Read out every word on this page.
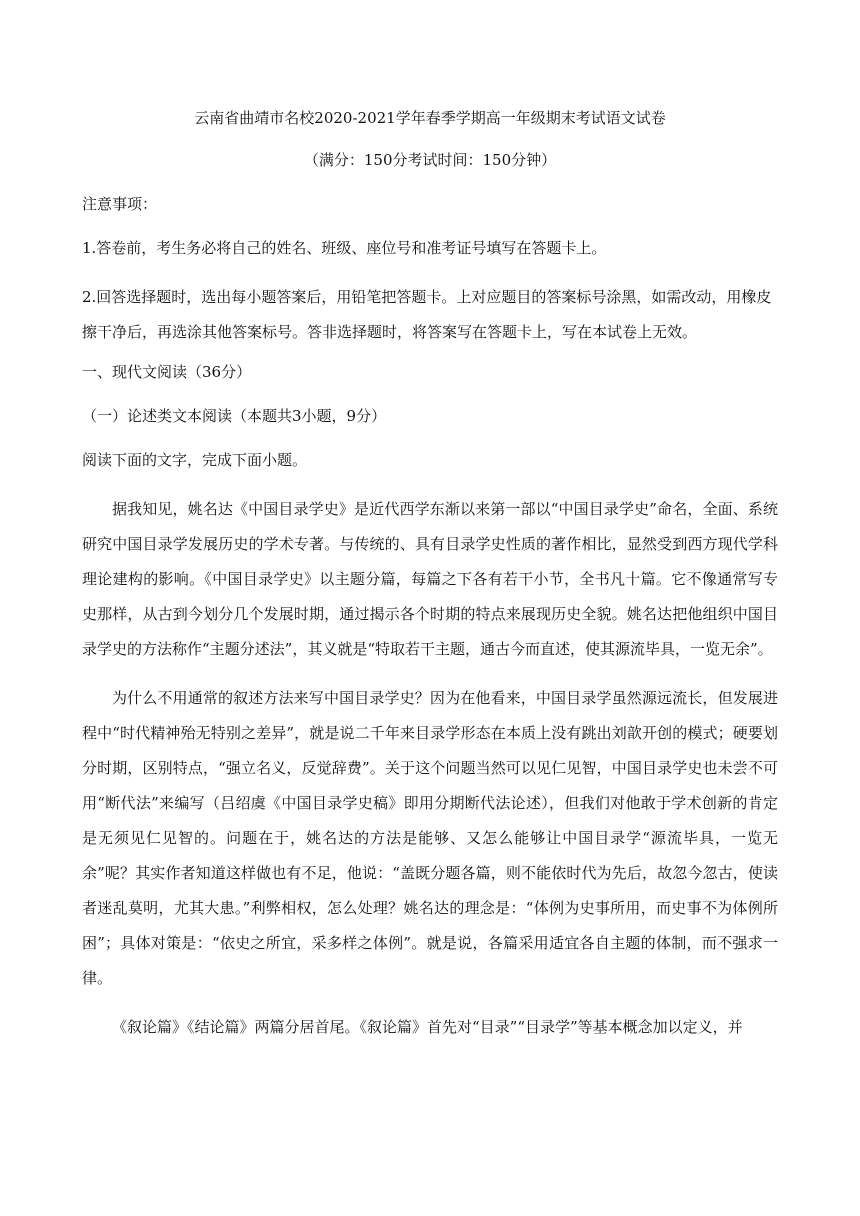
云南省曲靖市名校2020-2021学年春季学期高一年级期末考试语文试卷
（满分：150分考试时间：150分钟）

注意事项：

1.答卷前，考生务必将自己的姓名、班级、座位号和准考证号填写在答题卡上。

2.回答选择题时，选出每小题答案后，用铅笔把答题卡。上对应题目的答案标号涂黑，如需改动，用橡皮擦干净后，再选涂其他答案标号。答非选择题时，将答案写在答题卡上，写在本试卷上无效。

一、现代文阅读（36分）

（一）论述类文本阅读（本题共3小题，9分）

阅读下面的文字，完成下面小题。

据我知见，姚名达《中国目录学史》是近代西学东渐以来第一部以“中国目录学史”命名，全面、系统研究中国目录学发展历史的学术专著。与传统的、具有目录学史性质的著作相比，显然受到西方现代学科理论建构的影响。《中国目录学史》以主题分篇，每篇之下各有若干小节，全书凡十篇。它不像通常写专史那样，从古到今划分几个发展时期，通过揭示各个时期的特点来展现历史全貌。姚名达把他组织中国目录学史的方法称作“主题分述法”，其义就是“特取若干主题，通古今而直述，使其源流毕具，一览无余”。

为什么不用通常的叙述方法来写中国目录学史？因为在他看来，中国目录学虽然源远流长，但发展进程中“时代精神殆无特别之差异”，就是说二千年来目录学形态在本质上没有跳出刘歆开创的模式；硬要划分时期，区别特点，“强立名义，反觉辞费”。关于这个问题当然可以见仁见智，中国目录学史也未尝不可用“断代法”来编写（吕绍虞《中国目录学史稿》即用分期断代法论述），但我们对他敢于学术创新的肯定是无须见仁见智的。问题在于，姚名达的方法是能够、又怎么能够让中国目录学“源流毕具，一览无余”呢？其实作者知道这样做也有不足，他说：“盖既分题各篇，则不能依时代为先后，故忽今忽古，使读者迷乱莫明，尤其大患。”利弊相权，怎么处理？姚名达的理念是：“体例为史事所用，而史事不为体例所困”；具体对策是：“依史之所宜，采多样之体例”。就是说，各篇采用适宜各自主题的体制，而不强求一律。

《叙论篇》《结论篇》两篇分居首尾。《叙论篇》首先对“目录”“目录学”等基本概念加以定义，并
